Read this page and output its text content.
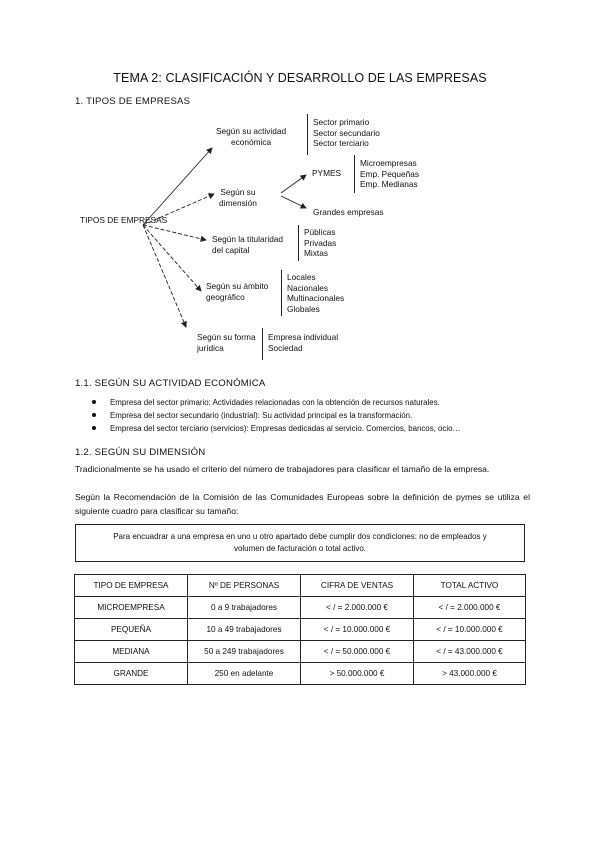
TEMA 2: CLASIFICACIÓN Y DESARROLLO DE LAS EMPRESAS
1. TIPOS DE EMPRESAS
TIPOS DE EMPRESAS
Según su actividad
económica
Sector primario
Sector secundario
Sector terciario
Según su
dimensión
PYMES
Microempresas
Emp. Pequeñas
Emp. Medianas
Grandes empresas
Según la titularidad
del capital
Públicas
Privadas
Mixtas
Según su ámbito
geográfico
Locales
Nacionales
Multinacionales
Globales
Según su forma
jurídica
Empresa individual
Sociedad
1.1. SEGÚN SU ACTIVIDAD ECONÓMICA
Empresa del sector primario: Actividades relacionadas con la obtención de recursos naturales.
Empresa del sector secundario (industrial): Su actividad principal es la transformación.
Empresa del sector terciario (servicios): Empresas dedicadas al servicio. Comercios, bancos, ocio…
1.2. SEGÚN SU DIMENSIÓN
Tradicionalmente se ha usado el criterio del número de trabajadores para clasificar el tamaño de la empresa.
Según la Recomendación de la Comisión de las Comunidades Europeas sobre la definición de pymes se utiliza el siguiente cuadro para clasificar su tamaño:
Para encuadrar a una empresa en uno u otro apartado debe cumplir dos condiciones: no de empleados y
volumen de facturación o total activo.
TIPO DE EMPRESA	Nº DE PERSONAS	CIFRA DE VENTAS	TOTAL ACTIVO
MICROEMPRESA	0 a 9 trabajadores	< / = 2.000.000 €	< / = 2.000.000 €
PEQUEÑA	10 a 49 trabajadores	< / = 10.000.000 €	< / = 10.000.000 €
MEDIANA	50 a 249 trabajadores	< / = 50.000.000 €	< / = 43.000.000 €
GRANDE	250 en adelante	> 50.000.000 €	> 43.000.000 €
